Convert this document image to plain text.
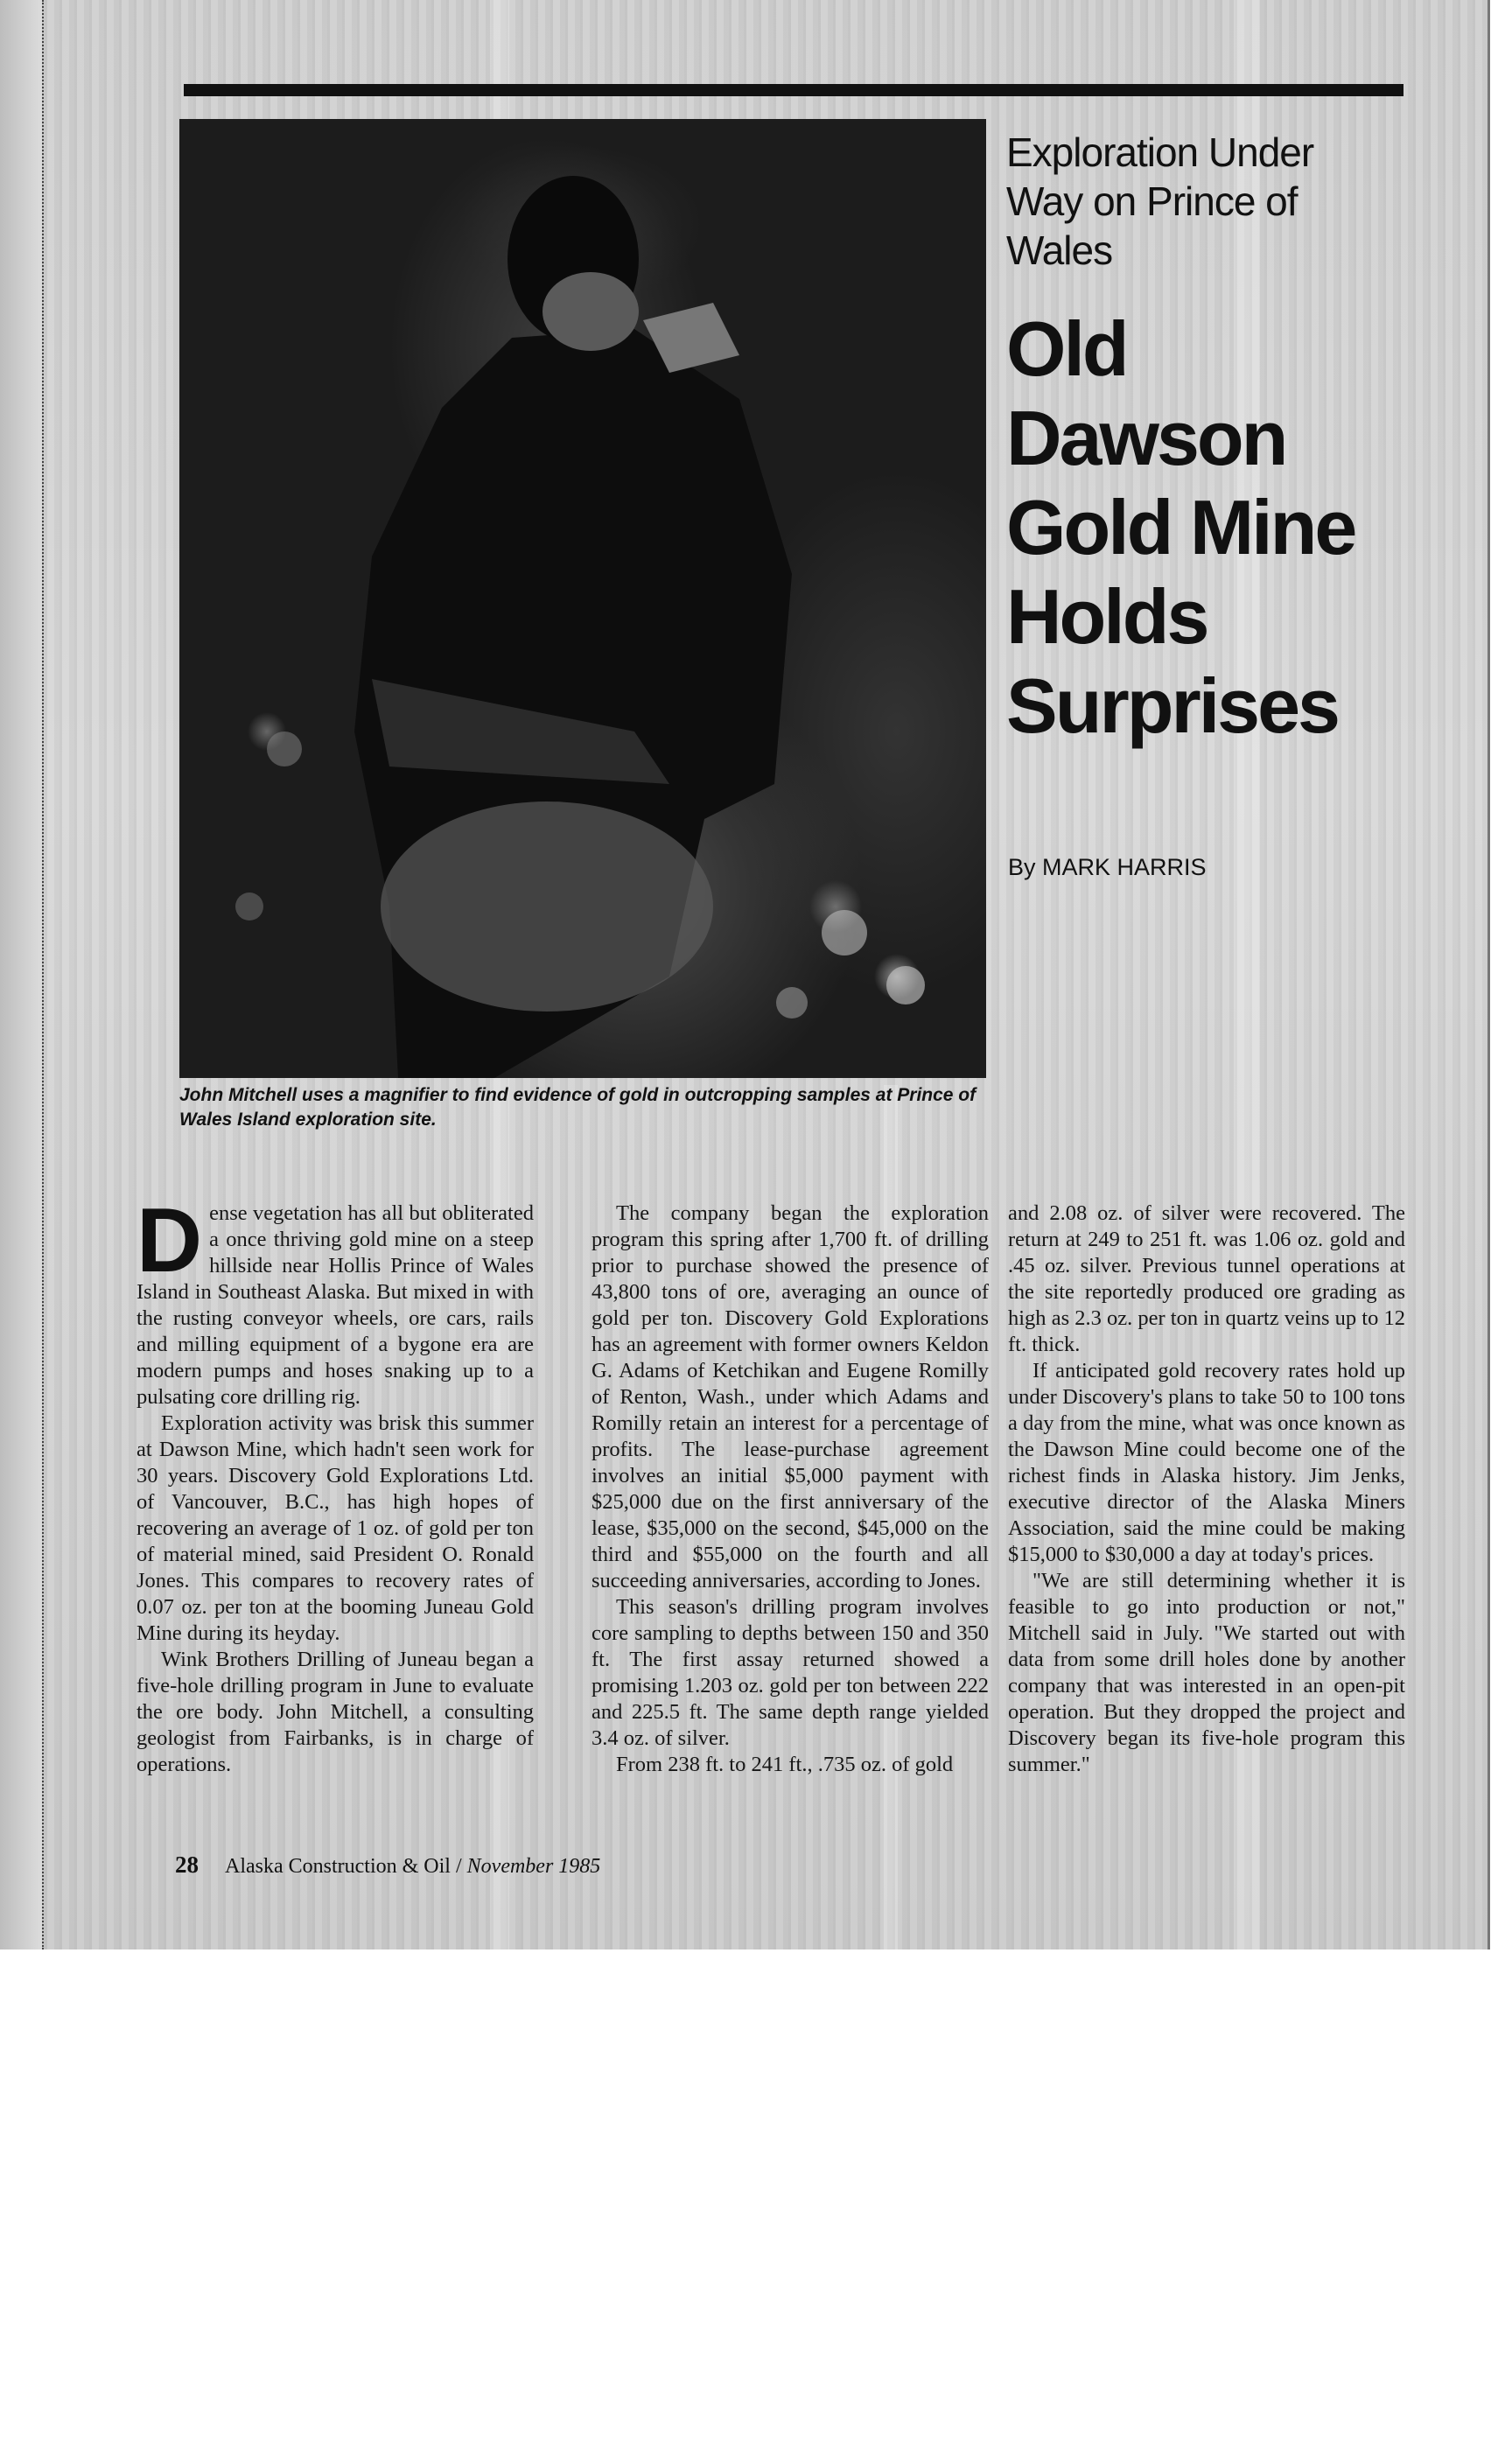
Exploration Under Way on Prince of Wales

Old
Dawson
Gold Mine
Holds
Surprises
By MARK HARRIS
John Mitchell uses a magnifier to find evidence of gold in outcropping samples at Prince of Wales Island exploration site.

Dense vegetation has all but obliterated a once thriving gold mine on a steep hillside near Hollis Prince of Wales Island in Southeast Alaska. But mixed in with the rusting conveyor wheels, ore cars, rails and milling equipment of a bygone era are modern pumps and hoses snaking up to a pulsating core drilling rig.

Exploration activity was brisk this summer at Dawson Mine, which hadn't seen work for 30 years. Discovery Gold Explorations Ltd. of Vancouver, B.C., has high hopes of recovering an average of 1 oz. of gold per ton of material mined, said President O. Ronald Jones. This compares to recovery rates of 0.07 oz. per ton at the booming Juneau Gold Mine during its heyday.

Wink Brothers Drilling of Juneau began a five-hole drilling program in June to evaluate the ore body. John Mitchell, a consulting geologist from Fairbanks, is in charge of operations.

The company began the exploration program this spring after 1,700 ft. of drilling prior to purchase showed the presence of 43,800 tons of ore, averaging an ounce of gold per ton. Discovery Gold Explorations has an agreement with former owners Keldon G. Adams of Ketchikan and Eugene Romilly of Renton, Wash., under which Adams and Romilly retain an interest for a percentage of profits. The lease-purchase agreement involves an initial $5,000 payment with $25,000 due on the first anniversary of the lease, $35,000 on the second, $45,000 on the third and $55,000 on the fourth and all succeeding anniversaries, according to Jones.

This season's drilling program involves core sampling to depths between 150 and 350 ft. The first assay returned showed a promising 1.203 oz. gold per ton between 222 and 225.5 ft. The same depth range yielded 3.4 oz. of silver.

From 238 ft. to 241 ft., .735 oz. of gold

and 2.08 oz. of silver were recovered. The return at 249 to 251 ft. was 1.06 oz. gold and .45 oz. silver. Previous tunnel operations at the site reportedly produced ore grading as high as 2.3 oz. per ton in quartz veins up to 12 ft. thick.

If anticipated gold recovery rates hold up under Discovery's plans to take 50 to 100 tons a day from the mine, what was once known as the Dawson Mine could become one of the richest finds in Alaska history. Jim Jenks, executive director of the Alaska Miners Association, said the mine could be making $15,000 to $30,000 a day at today's prices.

"We are still determining whether it is feasible to go into production or not," Mitchell said in July. "We started out with data from some drill holes done by another company that was interested in an open-pit operation. But they dropped the project and Discovery began its five-hole program this summer."

28 Alaska Construction & Oil / November 1985
